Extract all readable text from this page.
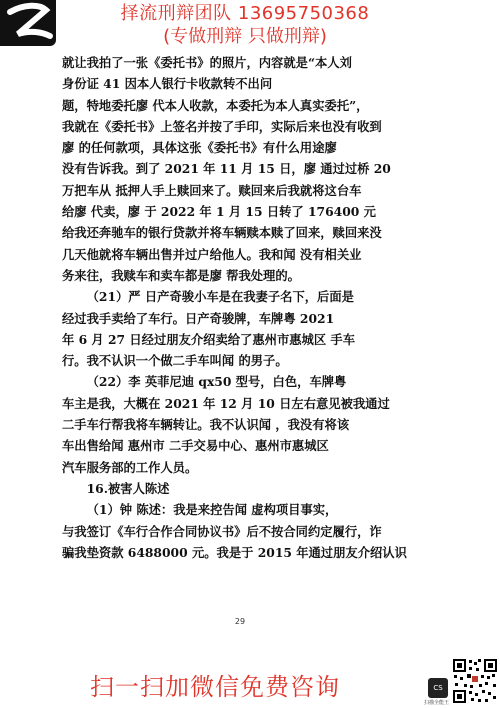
择流刑辩团队 13695750368
(专做刑辩 只做刑辩)

就让我拍了一张《委托书》的照片，内容就是“本人刘

身份证 41 因本人银行卡收款转不出问

题，特地委托廖 代本人收款，本委托为本人真实委托”，

我就在《委托书》上签名并按了手印，实际后来也没有收到

廖 的任何款项，具体这张《委托书》有什么用途廖

没有告诉我。到了 2021 年 11 月 15 日，廖 通过过桥 20

万把车从 抵押人手上赎回来了。赎回来后我就将这台车

给廖 代卖，廖 于 2022 年 1 月 15 日转了 176400 元

给我还奔驰车的银行贷款并将车辆赎本赎了回来，赎回来没

几天他就将车辆出售并过户给他人。我和闻 没有相关业

务来往，我赎车和卖车都是廖 帮我处理的。

（21）严 日产奇骏小车是在我妻子名下，后面是

经过我手卖给了车行。日产奇骏牌，车牌粤 2021

年 6 月 27 日经过朋友介绍卖给了惠州市惠城区 手车

行。我不认识一个做二手车叫闻 的男子。

（22）李 英菲尼迪 qx50 型号，白色，车牌粤

车主是我，大概在 2021 年 12 月 10 日左右意见被我通过

二手车行帮我将车辆转让。我不认识闻 ，我没有将该

车出售给闻 惠州市 二手交易中心、惠州市惠城区

汽车服务部的工作人员。

16.被害人陈述

（1）钟 陈述：我是来控告闻 虚构项目事实，

与我签订《车行合作合同协议书》后不按合同约定履行，诈

骗我垫资款 6488000 元。我是于 2015 年通过朋友介绍认识

29
扫一扫加微信免费咨询	CS
扫描全能王
